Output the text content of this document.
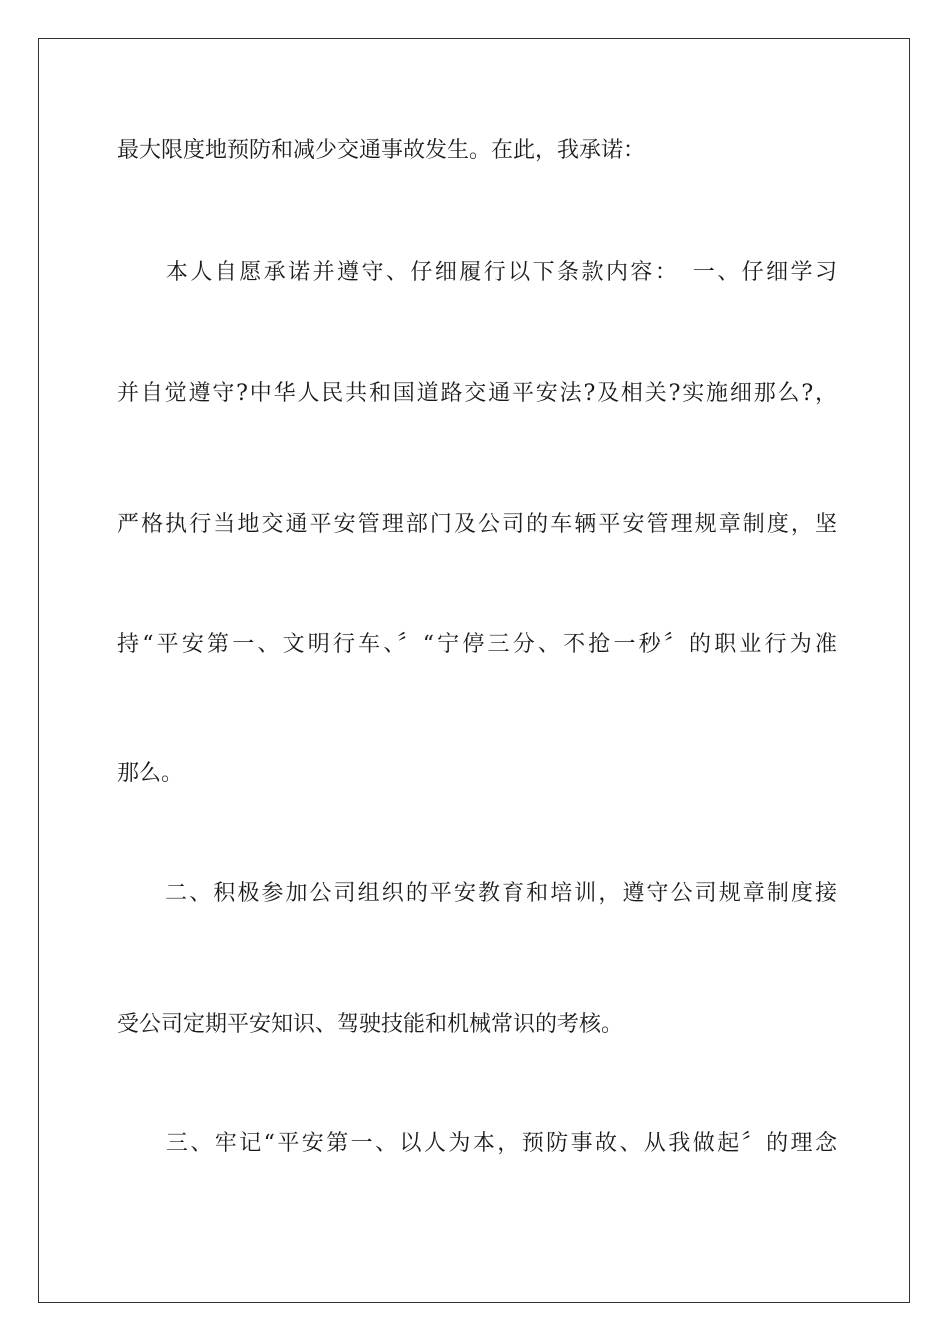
最大限度地预防和减少交通事故发生。在此，我承诺：

　　本人自愿承诺并遵守、仔细履行以下条款内容：　一、仔细学习

并自觉遵守?中华人民共和国道路交通平安法?及相关?实施细那么?，

严格执行当地交通平安管理部门及公司的车辆平安管理规章制度，坚

持“平安第一、文明行车、〞“宁停三分、不抢一秒〞的职业行为准

那么。

　　二、积极参加公司组织的平安教育和培训，遵守公司规章制度接

受公司定期平安知识、驾驶技能和机械常识的考核。

　　三、牢记“平安第一、以人为本，预防事故、从我做起〞的理念
